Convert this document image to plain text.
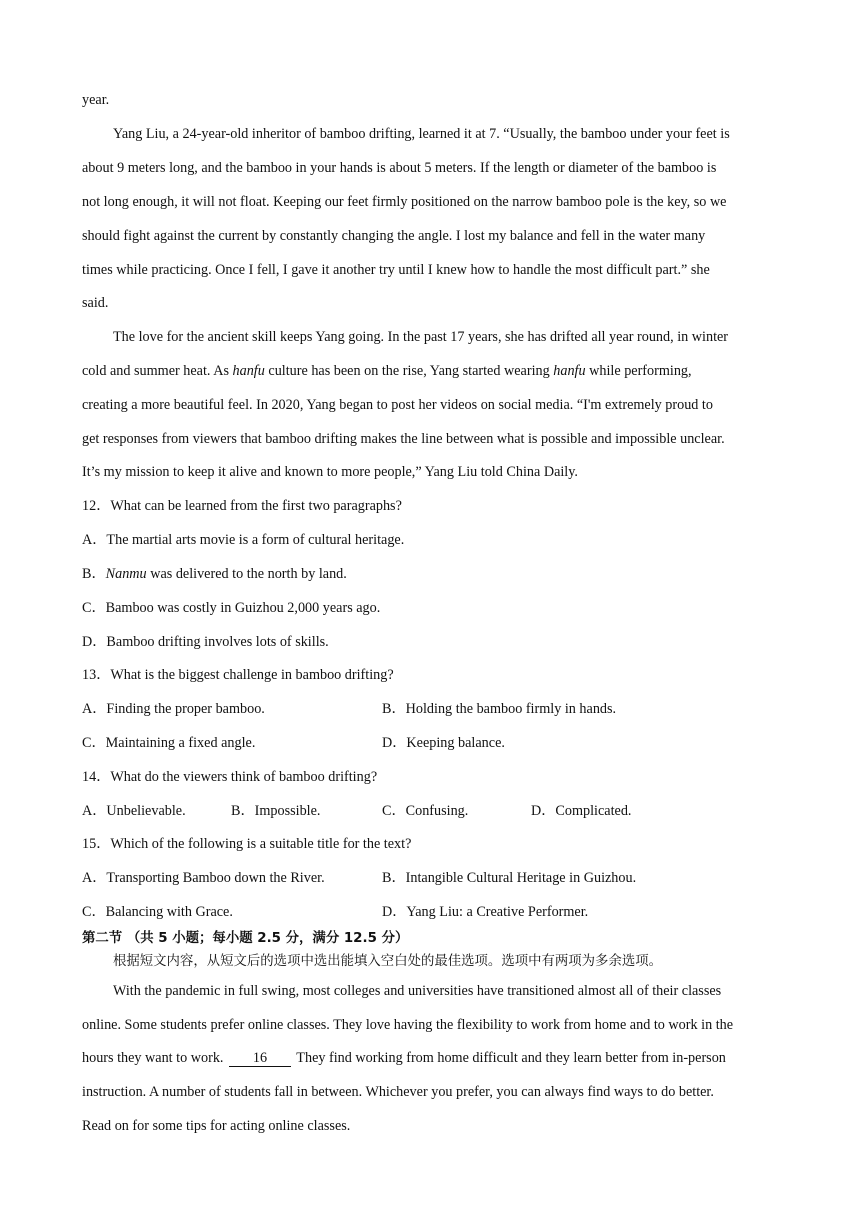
year.
Yang Liu, a 24-year-old inheritor of bamboo drifting, learned it at 7. “Usually, the bamboo under your feet is
about 9 meters long, and the bamboo in your hands is about 5 meters. If the length or diameter of the bamboo is
not long enough, it will not float. Keeping our feet firmly positioned on the narrow bamboo pole is the key, so we
should fight against the current by constantly changing the angle. I lost my balance and fell in the water many
times while practicing. Once I fell, I gave it another try until I knew how to handle the most difficult part.” she
said.
The love for the ancient skill keeps Yang going. In the past 17 years, she has drifted all year round, in winter
cold and summer heat. As hanfu culture has been on the rise, Yang started wearing hanfu while performing,
creating a more beautiful feel. In 2020, Yang began to post her videos on social media. “I'm extremely proud to
get responses from viewers that bamboo drifting makes the line between what is possible and impossible unclear.
It’s my mission to keep it alive and known to more people,” Yang Liu told China Daily.
12．What can be learned from the first two paragraphs?
A．The martial arts movie is a form of cultural heritage.
B．Nanmu was delivered to the north by land.
C．Bamboo was costly in Guizhou 2,000 years ago.
D．Bamboo drifting involves lots of skills.
13．What is the biggest challenge in bamboo drifting?
A．Finding the proper bamboo.	B．Holding the bamboo firmly in hands.
C．Maintaining a fixed angle.	D．Keeping balance.
14．What do the viewers think of bamboo drifting?
A．Unbelievable.	B．Impossible.	C．Confusing.	D．Complicated.
15．Which of the following is a suitable title for the text?
A．Transporting Bamboo down the River.	B．Intangible Cultural Heritage in Guizhou.
C．Balancing with Grace.	D．Yang Liu: a Creative Performer.
第二节 （共 5 小题；每小题 2.5 分，满分 12.5 分）
根据短文内容，从短文后的选项中选出能填入空白处的最佳选项。选项中有两项为多余选项。
With the pandemic in full swing, most colleges and universities have transitioned almost all of their classes
online. Some students prefer online classes. They love having the flexibility to work from home and to work in the
hours they want to work. 16 They find working from home difficult and they learn better from in-person
instruction. A number of students fall in between. Whichever you prefer, you can always find ways to do better.
Read on for some tips for acting online classes.
